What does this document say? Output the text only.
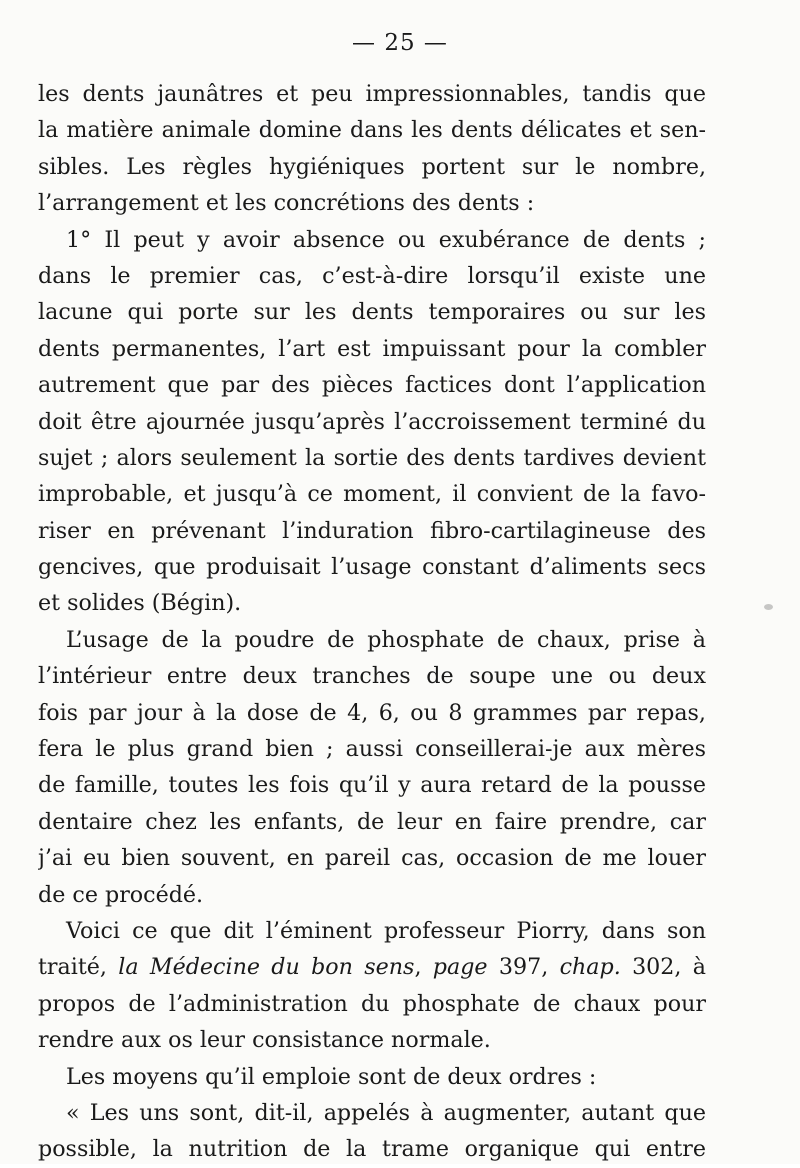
— 25 —
les dents jaunâtres et peu impressionnables, tandis que
la matière animale domine dans les dents délicates et sen-
sibles. Les règles hygiéniques portent sur le nombre,
l’arrangement et les concrétions des dents :
1° Il peut y avoir absence ou exubérance de dents ;
dans le premier cas, c’est-à-dire lorsqu’il existe une
lacune qui porte sur les dents temporaires ou sur les
dents permanentes, l’art est impuissant pour la combler
autrement que par des pièces factices dont l’application
doit être ajournée jusqu’après l’accroissement terminé du
sujet ; alors seulement la sortie des dents tardives devient
improbable, et jusqu’à ce moment, il convient de la favo-
riser en prévenant l’induration fibro-cartilagineuse des
gencives, que produisait l’usage constant d’aliments secs
et solides (Bégin).
L’usage de la poudre de phosphate de chaux, prise à
l’intérieur entre deux tranches de soupe une ou deux
fois par jour à la dose de 4, 6, ou 8 grammes par repas,
fera le plus grand bien ; aussi conseillerai-je aux mères
de famille, toutes les fois qu’il y aura retard de la pousse
dentaire chez les enfants, de leur en faire prendre, car
j’ai eu bien souvent, en pareil cas, occasion de me louer
de ce procédé.
Voici ce que dit l’éminent professeur Piorry, dans son
traité, la Médecine du bon sens, page 397, chap. 302, à
propos de l’administration du phosphate de chaux pour
rendre aux os leur consistance normale.
Les moyens qu’il emploie sont de deux ordres :
« Les uns sont, dit-il, appelés à augmenter, autant que
possible, la nutrition de la trame organique qui entre
